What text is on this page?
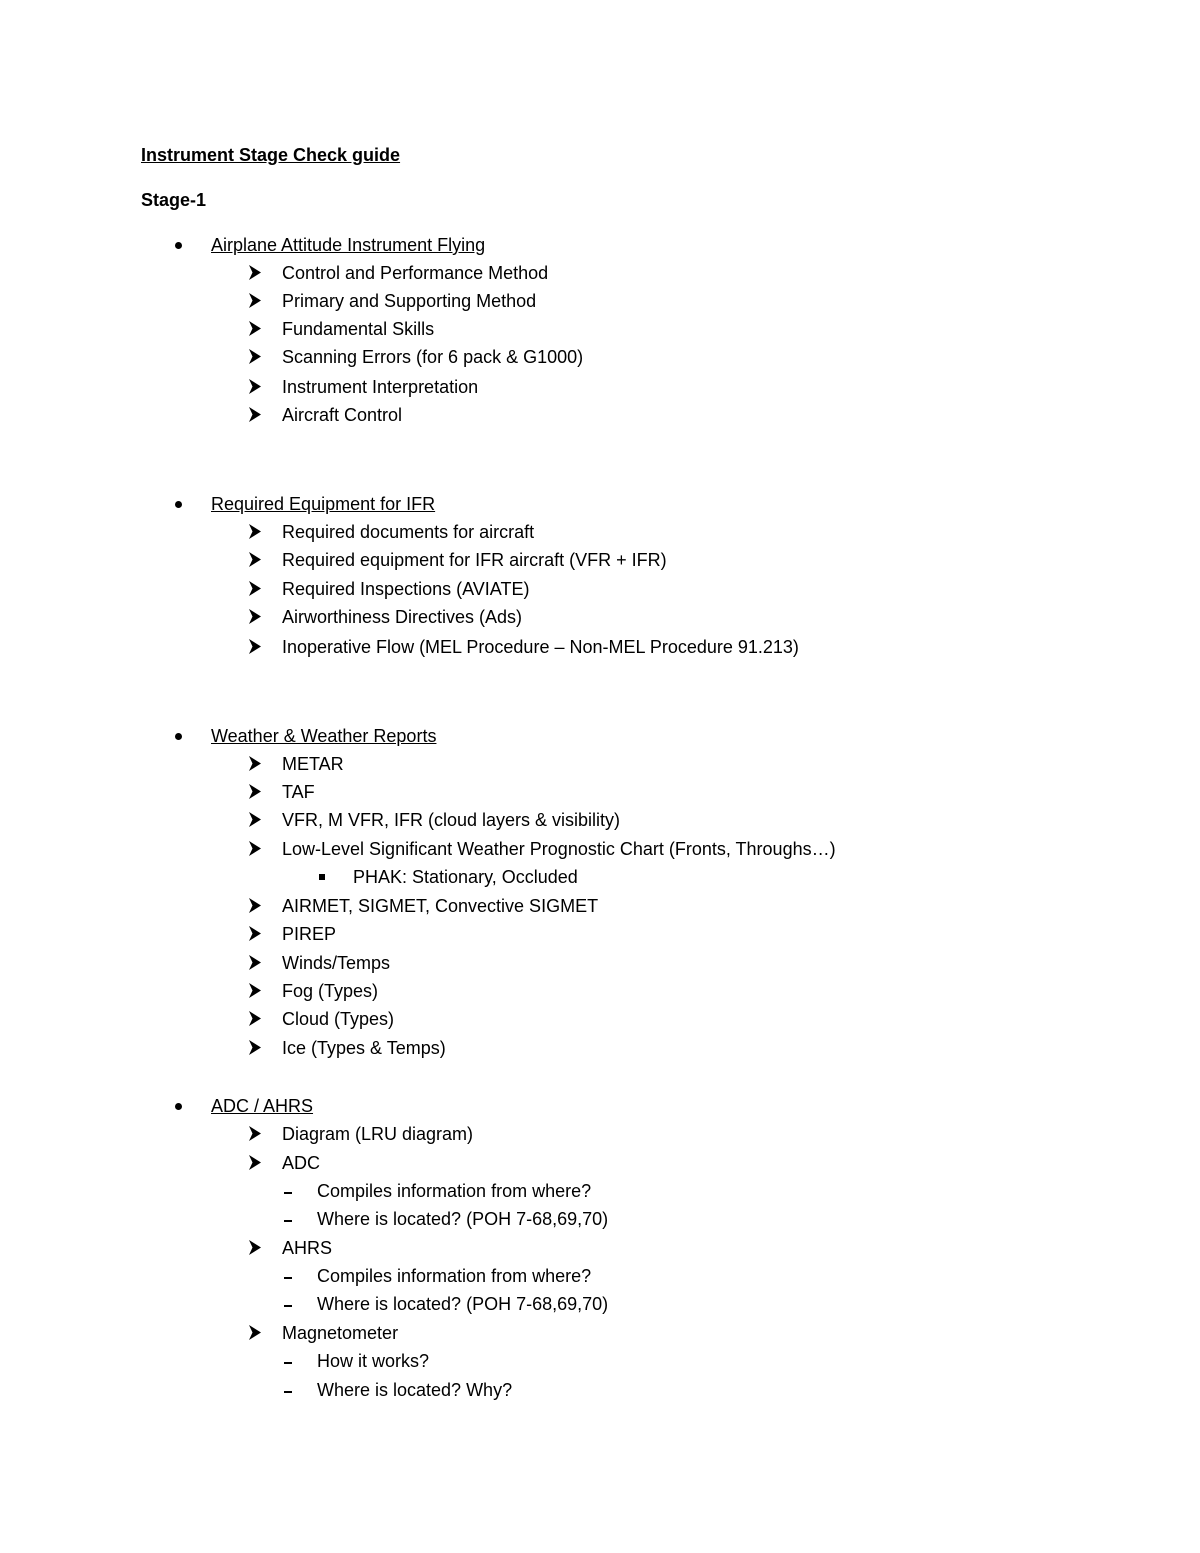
Instrument Stage Check guide
Stage-1
Airplane Attitude Instrument Flying
Control and Performance Method
Primary and Supporting Method
Fundamental Skills
Scanning Errors (for 6 pack & G1000)
Instrument Interpretation
Aircraft Control
Required Equipment for IFR
Required documents for aircraft
Required equipment for IFR aircraft (VFR + IFR)
Required Inspections (AVIATE)
Airworthiness Directives (Ads)
Inoperative Flow (MEL Procedure – Non-MEL Procedure 91.213)
Weather & Weather Reports
METAR
TAF
VFR, M VFR, IFR (cloud layers & visibility)
Low-Level Significant Weather Prognostic Chart (Fronts, Throughs…)
PHAK: Stationary, Occluded
AIRMET, SIGMET, Convective SIGMET
PIREP
Winds/Temps
Fog (Types)
Cloud (Types)
Ice (Types & Temps)
ADC / AHRS
Diagram (LRU diagram)
ADC
Compiles information from where?
Where is located? (POH 7-68,69,70)
AHRS
Compiles information from where?
Where is located? (POH 7-68,69,70)
Magnetometer
How it works?
Where is located? Why?
